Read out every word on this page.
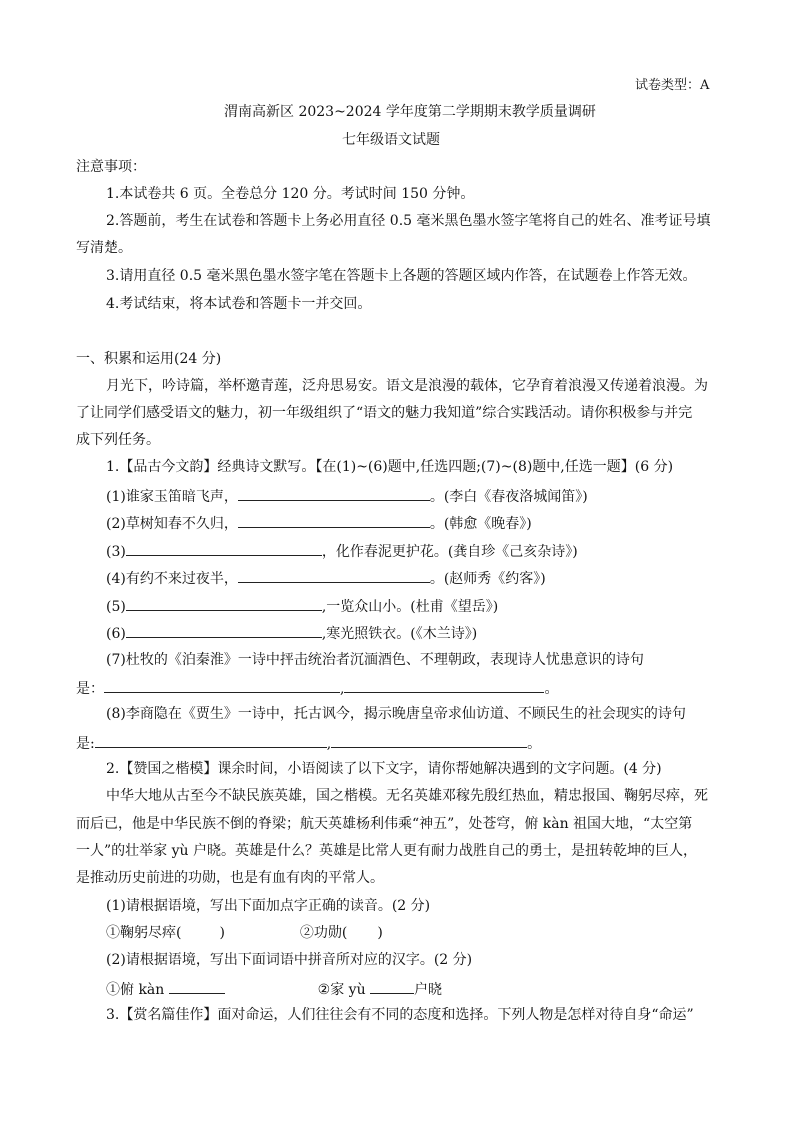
试卷类型：A
渭南高新区 2023~2024 学年度第二学期期末教学质量调研
七年级语文试题
注意事项：
1.本试卷共 6 页。全卷总分 120 分。考试时间 150 分钟。
2.答题前，考生在试卷和答题卡上务必用直径 0.5 毫米黑色墨水签字笔将自己的姓名、准考证号填
写清楚。
3.请用直径 0.5 毫米黑色墨水签字笔在答题卡上各题的答题区域内作答，在试题卷上作答无效。
4.考试结束，将本试卷和答题卡一并交回。
一、积累和运用(24 分)
月光下，吟诗篇，举杯邀青莲，泛舟思易安。语文是浪漫的载体，它孕育着浪漫又传递着浪漫。为
了让同学们感受语文的魅力，初一年级组织了“语文的魅力我知道”综合实践活动。请你积极参与并完
成下列任务。
1.【品古今文韵】经典诗文默写。【在(1)~(6)题中,任选四题;(7)~(8)题中,任选一题】(6 分)
(1)谁家玉笛暗飞声，	。(李白《春夜洛城闻笛》)
(2)草树知春不久归，	。(韩愈《晚春》)
(3)	，化作春泥更护花。(龚自珍《己亥杂诗》)
(4)有约不来过夜半，	。(赵师秀《约客》)
(5)	,一览众山小。(杜甫《望岳》)
(6)	,寒光照铁衣。(《木兰诗》)
(7)杜牧的《泊秦淮》一诗中抨击统治者沉湎酒色、不理朝政，表现诗人忧患意识的诗句
是：	,	。
(8)李商隐在《贾生》一诗中，托古讽今，揭示晚唐皇帝求仙访道、不顾民生的社会现实的诗句
是:	,	。
2.【赞国之楷模】课余时间，小语阅读了以下文字，请你帮她解决遇到的文字问题。(4 分)
中华大地从古至今不缺民族英雄，国之楷模。无名英雄邓稼先殷红热血，精忠报国、鞠躬尽瘁，死
而后已，他是中华民族不倒的脊梁；航天英雄杨利伟乘“神五”，处苍穹，俯 kàn 祖国大地，“太空第
一人”的壮举家 yù 户晓。英雄是什么？英雄是比常人更有耐力战胜自己的勇士，是扭转乾坤的巨人，
是推动历史前进的功勋，也是有血有肉的平常人。
(1)请根据语境，写出下面加点字正确的读音。(2 分)
①鞠躬尽瘁(	)	②功勋( )
(2)请根据语境，写出下面词语中拼音所对应的汉字。(2 分)
①俯 kàn	②家 yù	户晓
3.【赏名篇佳作】面对命运，人们往往会有不同的态度和选择。下列人物是怎样对待自身“命运”
